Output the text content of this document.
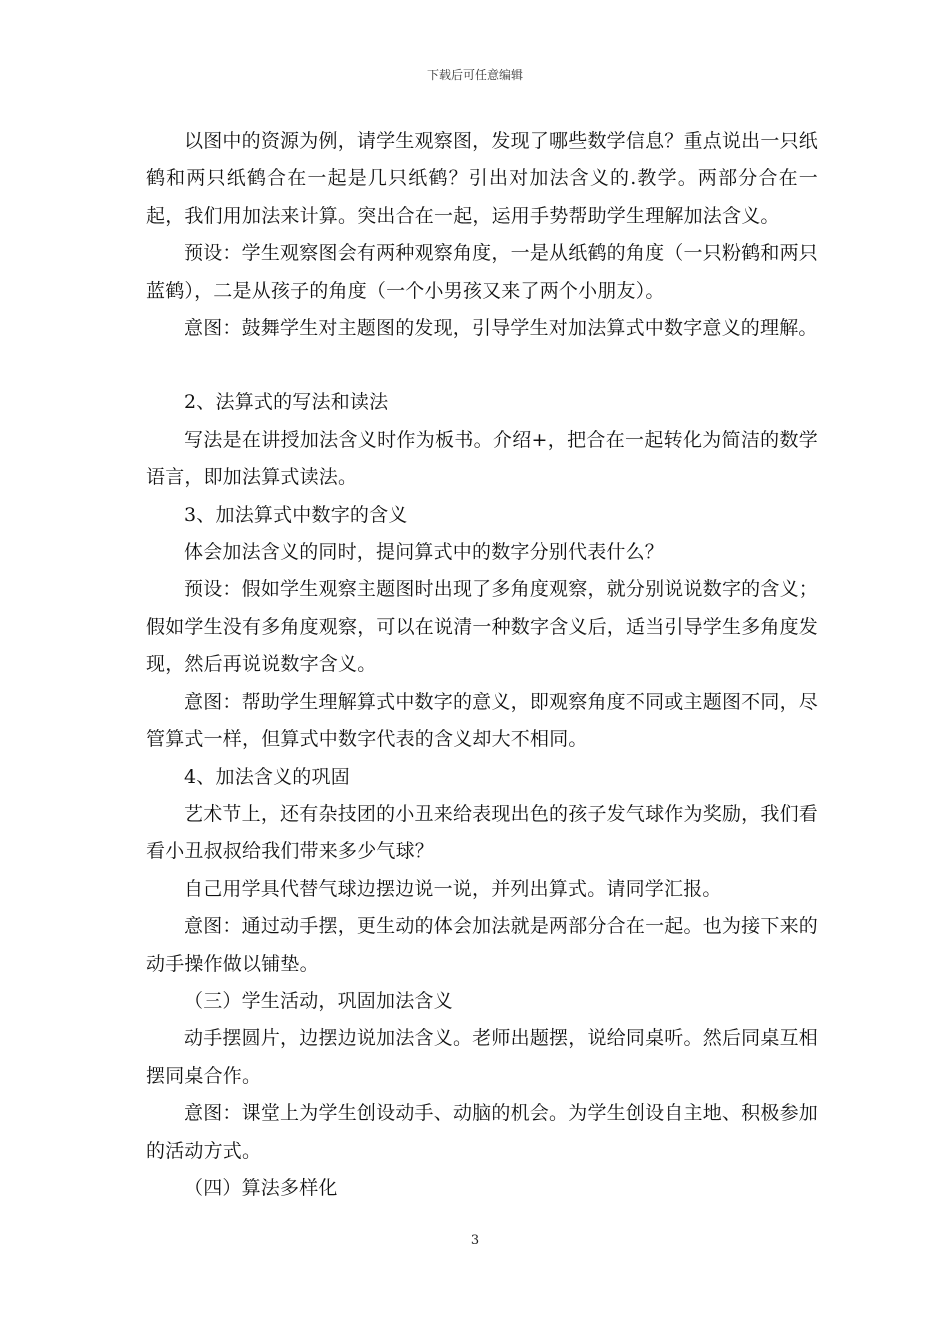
下载后可任意编辑

以图中的资源为例，请学生观察图，发现了哪些数学信息？重点说出一只纸鹤和两只纸鹤合在一起是几只纸鹤？引出对加法含义的.教学。两部分合在一起，我们用加法来计算。突出合在一起，运用手势帮助学生理解加法含义。

预设：学生观察图会有两种观察角度，一是从纸鹤的角度（一只粉鹤和两只蓝鹤），二是从孩子的角度（一个小男孩又来了两个小朋友）。

意图：鼓舞学生对主题图的发现，引导学生对加法算式中数字意义的理解。

2、法算式的写法和读法

写法是在讲授加法含义时作为板书。介绍+，把合在一起转化为简洁的数学语言，即加法算式读法。

3、加法算式中数字的含义

体会加法含义的同时，提问算式中的数字分别代表什么？

预设：假如学生观察主题图时出现了多角度观察，就分别说说数字的含义；假如学生没有多角度观察，可以在说清一种数字含义后，适当引导学生多角度发现，然后再说说数字含义。

意图：帮助学生理解算式中数字的意义，即观察角度不同或主题图不同，尽管算式一样，但算式中数字代表的含义却大不相同。

4、加法含义的巩固

艺术节上，还有杂技团的小丑来给表现出色的孩子发气球作为奖励，我们看看小丑叔叔给我们带来多少气球？

自己用学具代替气球边摆边说一说，并列出算式。请同学汇报。

意图：通过动手摆，更生动的体会加法就是两部分合在一起。也为接下来的动手操作做以铺垫。

（三）学生活动，巩固加法含义

动手摆圆片，边摆边说加法含义。老师出题摆，说给同桌听。然后同桌互相摆同桌合作。

意图：课堂上为学生创设动手、动脑的机会。为学生创设自主地、积极参加的活动方式。

（四）算法多样化

3
